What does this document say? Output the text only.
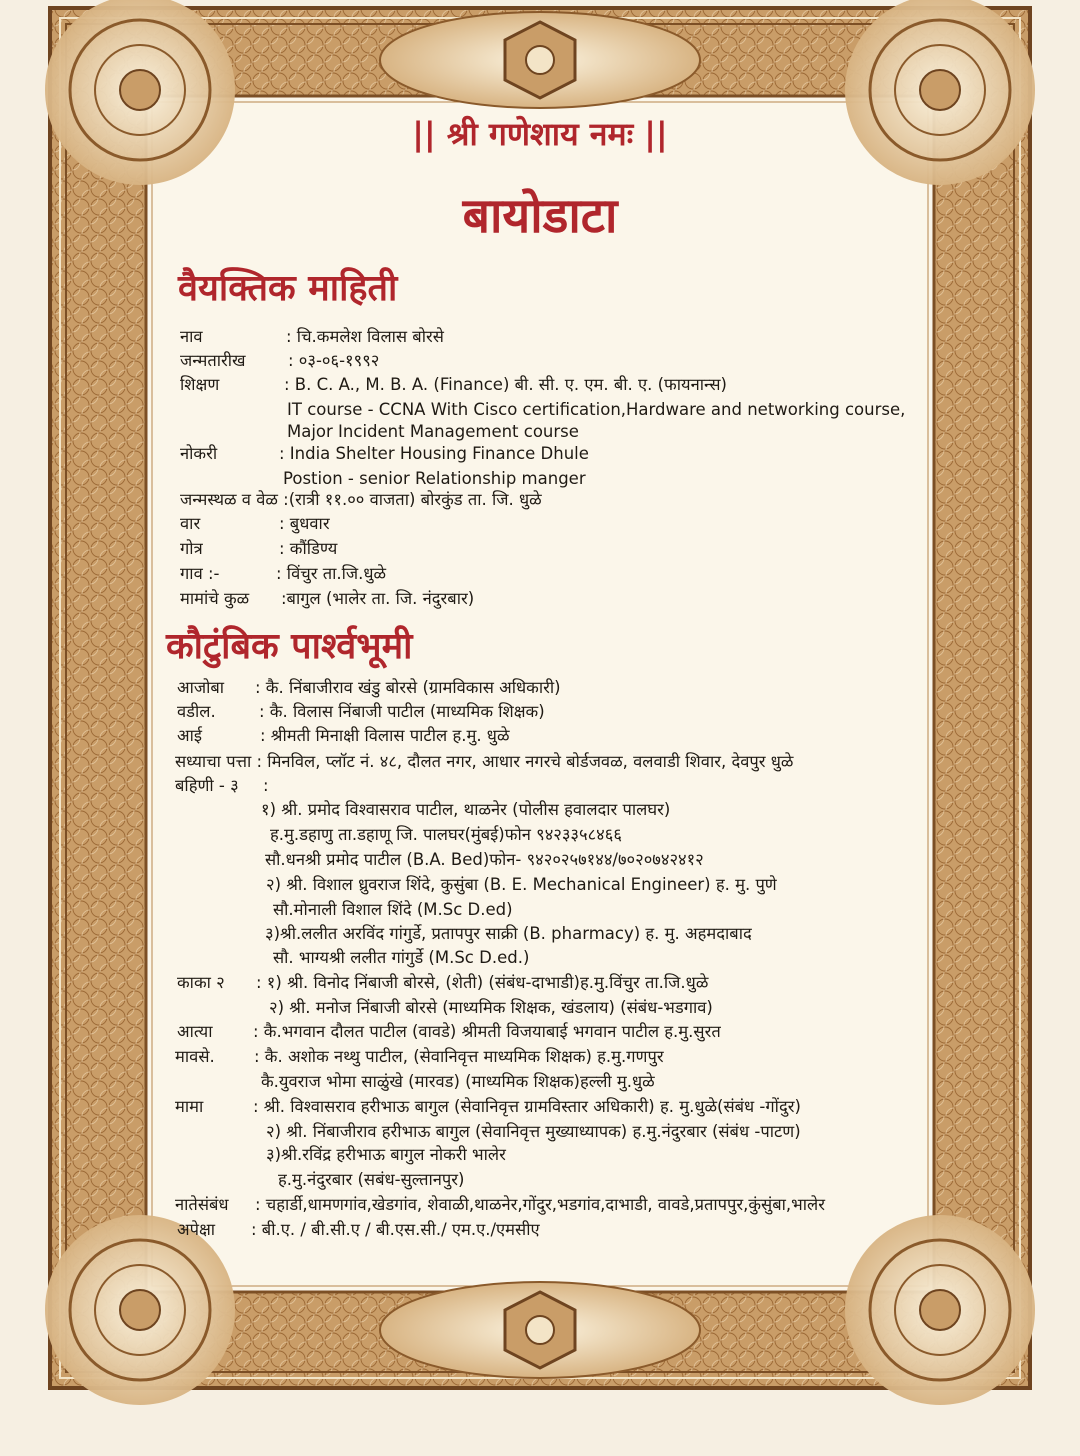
|| श्री गणेशाय नमः ||
बायोडाटा
वैयक्तिक माहिती
नाव	: चि.कमलेश विलास बोरसे
जन्मतारीख	: ०३-०६-१९९२
शिक्षण	: B. C. A., M. B. A. (Finance) बी. सी. ए. एम. बी. ए. (फायनान्स)
IT course - CCNA With Cisco certification,Hardware and networking course,
Major Incident Management course
नोकरी	: India Shelter Housing Finance Dhule
Postion - senior Relationship manger
जन्मस्थळ व वेळ :(रात्री ११.०० वाजता) बोरकुंड ता. जि. धुळे
वार	: बुधवार
गोत्र	: कौंडिण्य
गाव :-	: विंचुर ता.जि.धुळे
मामांचे कुळ :बागुल (भालेर ता. जि. नंदुरबार)
कौटुंबिक पार्श्वभूमी
आजोबा : कै. निंबाजीराव खंडु बोरसे (ग्रामविकास अधिकारी)
वडील.	: कै. विलास निंबाजी पाटील (माध्यमिक शिक्षक)
आई	: श्रीमती मिनाक्षी विलास पाटील ह.मु. धुळे
सध्याचा पत्ता : मिनविल, प्लॉट नं. ४८, दौलत नगर, आधार नगरचे बोर्डजवळ, वलवाडी शिवार, देवपुर धुळे
बहिणी - ३ :
१) श्री. प्रमोद विश्वासराव पाटील, थाळनेर (पोलीस हवालदार पालघर)
ह.मु.डहाणु ता.डहाणू जि. पालघर(मुंबई)फोन ९४२३३५८४६६
सौ.धनश्री प्रमोद पाटील (B.A. Bed)फोन- ९४२०२५७१४४/७०२०७४२४१२
२) श्री. विशाल ध्रुवराज शिंदे, कुसुंबा (B. E. Mechanical Engineer) ह. मु. पुणे
सौ.मोनाली विशाल शिंदे (M.Sc D.ed)
३)श्री.ललीत अरविंद गांगुर्डे, प्रतापपुर साक्री (B. pharmacy) ह. मु. अहमदाबाद
सौ. भाग्यश्री ललीत गांगुर्डे (M.Sc D.ed.)
काका २ : १) श्री. विनोद निंबाजी बोरसे, (शेती) (संबंध-दाभाडी)ह.मु.विंचुर ता.जि.धुळे
२) श्री. मनोज निंबाजी बोरसे (माध्यमिक शिक्षक, खंडलाय) (संबंध-भडगाव)
आत्या : कै.भगवान दौलत पाटील (वावडे) श्रीमती विजयाबाई भगवान पाटील ह.मु.सुरत
मावसे. : कै. अशोक नथ्थु पाटील, (सेवानिवृत्त माध्यमिक शिक्षक) ह.मु.गणपुर
कै.युवराज भोमा साळुंखे (मारवड) (माध्यमिक शिक्षक)हल्ली मु.धुळे
मामा	: श्री. विश्वासराव हरीभाऊ बागुल (सेवानिवृत्त ग्रामविस्तार अधिकारी) ह. मु.धुळे(संबंध -गोंदुर)
२) श्री. निंबाजीराव हरीभाऊ बागुल (सेवानिवृत्त मुख्याध्यापक) ह.मु.नंदुरबार (संबंध -पाटण)
३)श्री.रविंद्र हरीभाऊ बागुल नोकरी भालेर
ह.मु.नंदुरबार (सबंध-सुल्तानपुर)
नातेसंबंध : चहार्डी,धामणगांव,खेडगांव, शेवाळी,थाळनेर,गोंदुर,भडगांव,दाभाडी, वावडे,प्रतापपुर,कुंसुंबा,भालेर
अपेक्षा : बी.ए. / बी.सी.ए / बी.एस.सी./ एम.ए./एमसीए
